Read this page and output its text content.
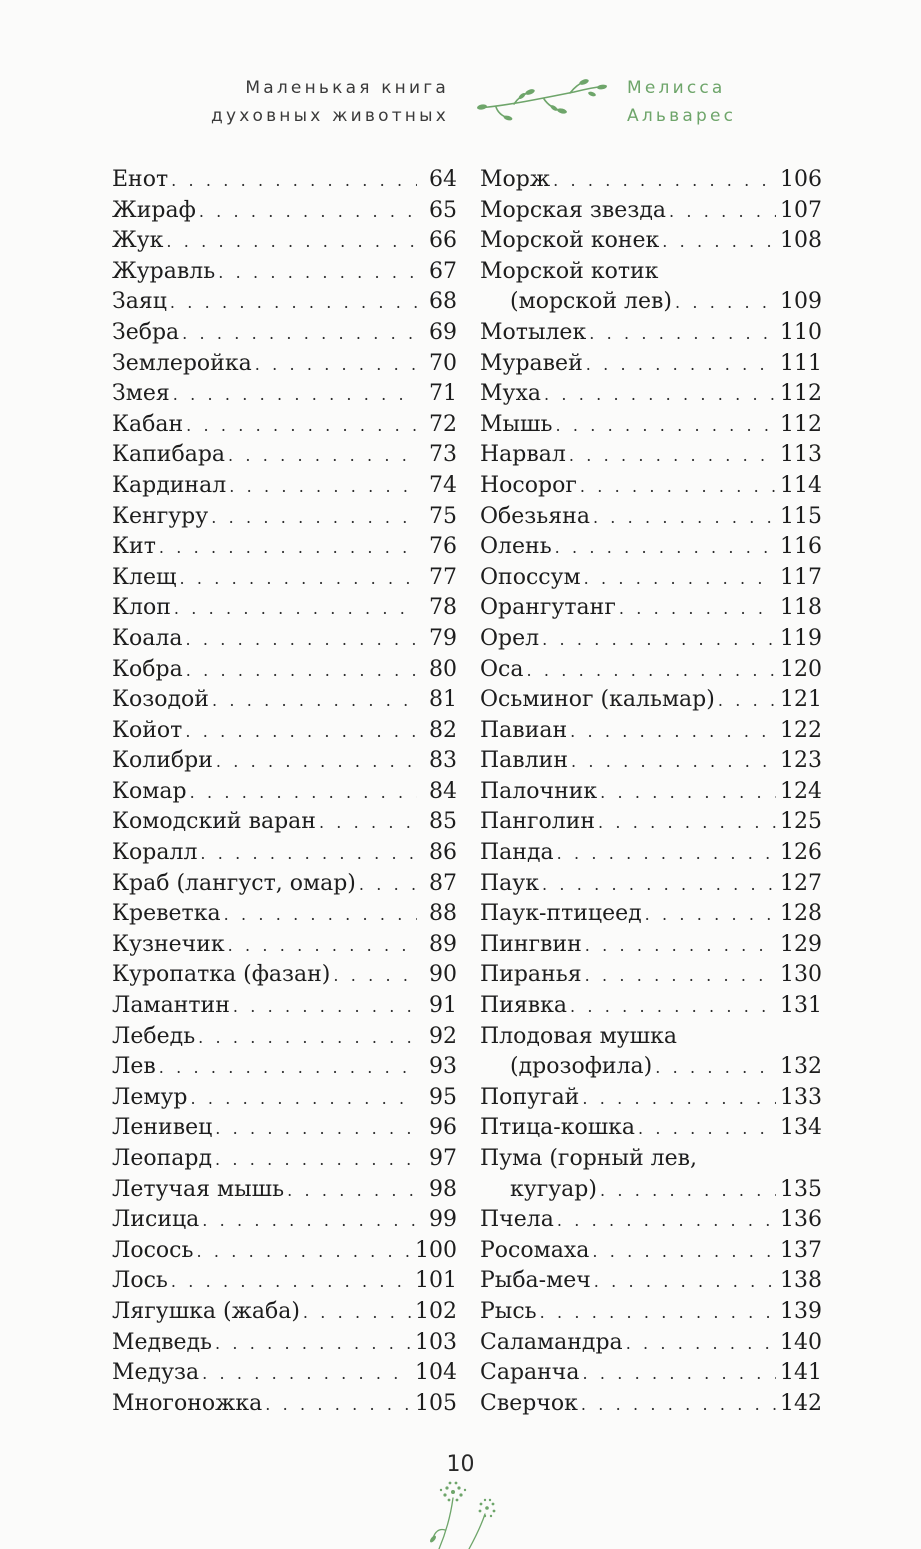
Маленькая книга
духовных животных
Мелисса
Альварес
Енот . . .	64
Жираф . . .	65
Жук . . .	66
Журавль . . .	67
Заяц . . .	68
Зебра . . .	69
Землеройка . . .	70
Змея . . .	71
Кабан . . .	72
Капибара . . .	73
Кардинал . . .	74
Кенгуру . . .	75
Кит . . .	76
Клещ . . .	77
Клоп . . .	78
Коала . . .	79
Кобра . . .	80
Козодой . . .	81
Койот . . .	82
Колибри . . .	83
Комар . . .	84
Комодский варан . . .	85
Коралл . . .	86
Краб (лангуст, омар) . . .	87
Креветка . . .	88
Кузнечик . . .	89
Куропатка (фазан) . . .	90
Ламантин . . .	91
Лебедь . . .	92
Лев . . .	93
Лемур . . .	95
Ленивец . . .	96
Леопард . . .	97
Летучая мышь . . .	98
Лисица . . .	99
Лосось . . .	100
Лось . . .	101
Лягушка (жаба) . . .	102
Медведь . . .	103
Медуза . . .	104
Многоножка . . .	105
Морж . . .	106
Морская звезда . . .	107
Морской конек . . .	108
Морской котик
(морской лев) . . .	109
Мотылек . . .	110
Муравей . . .	111
Муха . . .	112
Мышь . . .	112
Нарвал . . .	113
Носорог . . .	114
Обезьяна . . .	115
Олень . . .	116
Опоссум . . .	117
Орангутанг . . .	118
Орел . . .	119
Оса . . .	120
Осьминог (кальмар) . . .	121
Павиан . . .	122
Павлин . . .	123
Палочник . . .	124
Панголин . . .	125
Панда . . .	126
Паук . . .	127
Паук-птицеед . . .	128
Пингвин . . .	129
Пиранья . . .	130
Пиявка . . .	131
Плодовая мушка
(дрозофила) . . .	132
Попугай . . .	133
Птица-кошка . . .	134
Пума (горный лев,
кугуар) . . .	135
Пчела . . .	136
Росомаха . . .	137
Рыба-меч . . .	138
Рысь . . .	139
Саламандра . . .	140
Саранча . . .	141
Сверчок . . .	142
10
